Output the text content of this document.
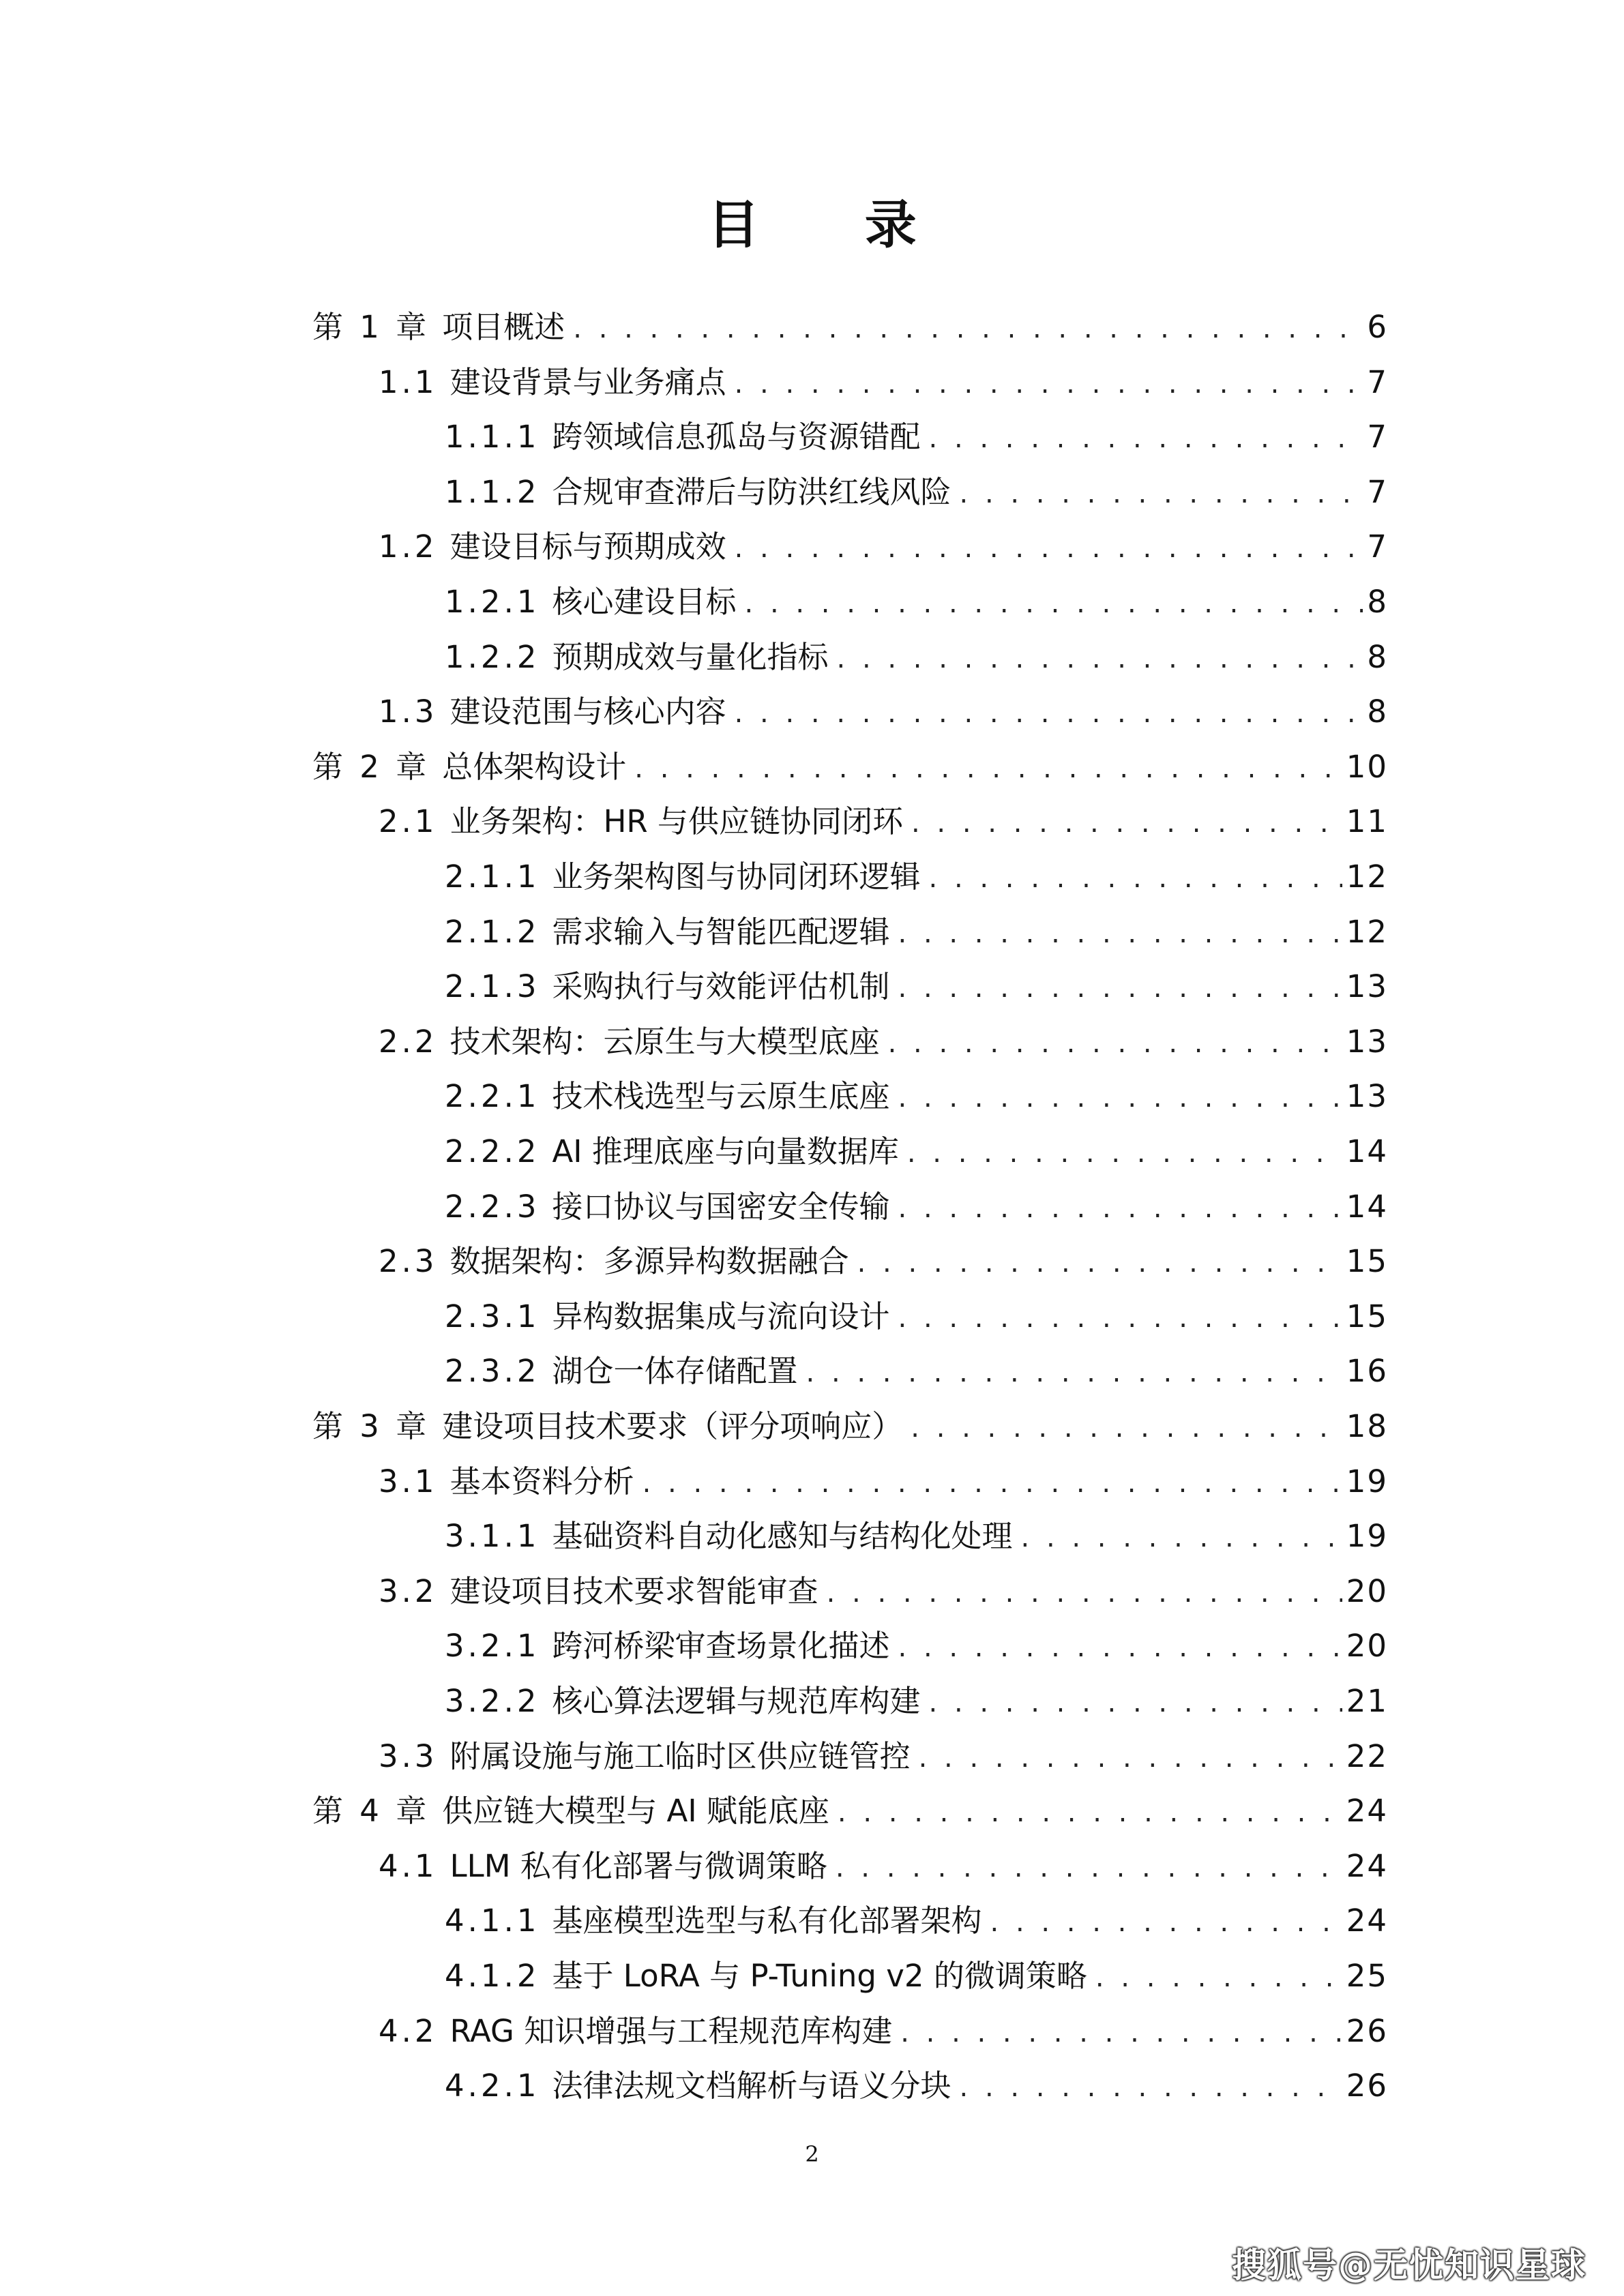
目 录
第 1 章 项目概述 . . .	6
1.1 建设背景与业务痛点 . . .	7
1.1.1 跨领域信息孤岛与资源错配 . . .	7
1.1.2 合规审查滞后与防洪红线风险 . . .	7
1.2 建设目标与预期成效 . . .	7
1.2.1 核心建设目标 . . .	8
1.2.2 预期成效与量化指标 . . .	8
1.3 建设范围与核心内容 . . .	8
第 2 章 总体架构设计 . . .	10
2.1 业务架构：HR 与供应链协同闭环 . . .	11
2.1.1 业务架构图与协同闭环逻辑 . . .	12
2.1.2 需求输入与智能匹配逻辑 . . .	12
2.1.3 采购执行与效能评估机制 . . .	13
2.2 技术架构：云原生与大模型底座 . . .	13
2.2.1 技术栈选型与云原生底座 . . .	13
2.2.2 AI 推理底座与向量数据库 . . .	14
2.2.3 接口协议与国密安全传输 . . .	14
2.3 数据架构：多源异构数据融合 . . .	15
2.3.1 异构数据集成与流向设计 . . .	15
2.3.2 湖仓一体存储配置 . . .	16
第 3 章 建设项目技术要求（评分项响应） . . .	18
3.1 基本资料分析 . . .	19
3.1.1 基础资料自动化感知与结构化处理 . . .	19
3.2 建设项目技术要求智能审查 . . .	20
3.2.1 跨河桥梁审查场景化描述 . . .	20
3.2.2 核心算法逻辑与规范库构建 . . .	21
3.3 附属设施与施工临时区供应链管控 . . .	22
第 4 章 供应链大模型与 AI 赋能底座 . . .	24
4.1 LLM 私有化部署与微调策略 . . .	24
4.1.1 基座模型选型与私有化部署架构 . . .	24
4.1.2 基于 LoRA 与 P-Tuning v2 的微调策略 . . .	25
4.2 RAG 知识增强与工程规范库构建 . . .	26
4.2.1 法律法规文档解析与语义分块 . . .	26
2
搜狐号@无忧知识星球
